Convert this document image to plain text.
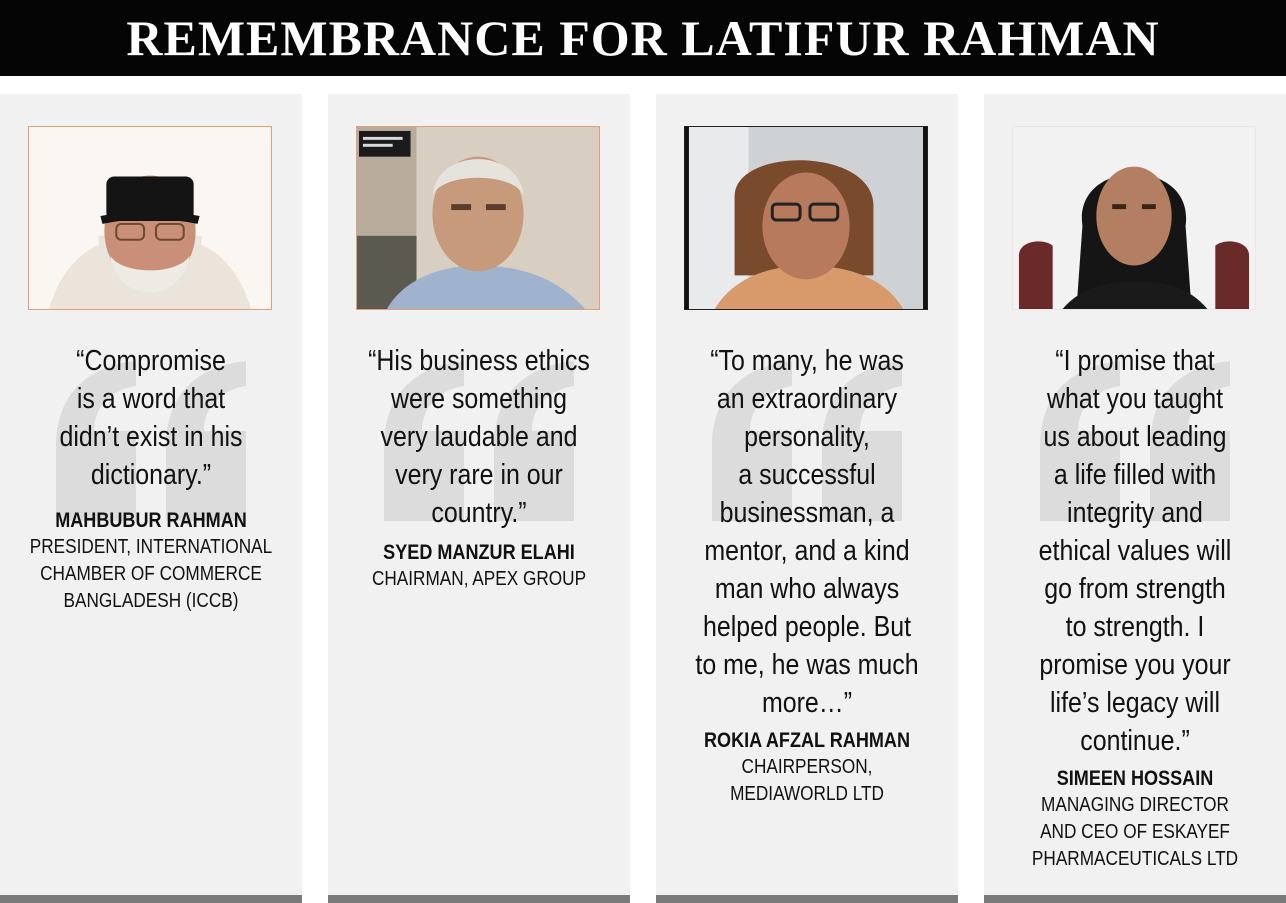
REMEMBRANCE FOR LATIFUR RAHMAN
“Compromise
is a word that
didn’t exist in his
dictionary.”
MAHBUBUR RAHMAN
PRESIDENT, INTERNATIONAL
CHAMBER OF COMMERCE
BANGLADESH (ICCB)
“His business ethics
were something
very laudable and
very rare in our
country.”
SYED MANZUR ELAHI
CHAIRMAN, APEX GROUP
“To many, he was
an extraordinary
personality,
a successful
businessman, a
mentor, and a kind
man who always
helped people. But
to me, he was much
more…”
ROKIA AFZAL RAHMAN
CHAIRPERSON,
MEDIAWORLD LTD
“I promise that
what you taught
us about leading
a life filled with
integrity and
ethical values will
go from strength
to strength. I
promise you your
life’s legacy will
continue.”
SIMEEN HOSSAIN
MANAGING DIRECTOR
AND CEO OF ESKAYEF
PHARMACEUTICALS LTD
